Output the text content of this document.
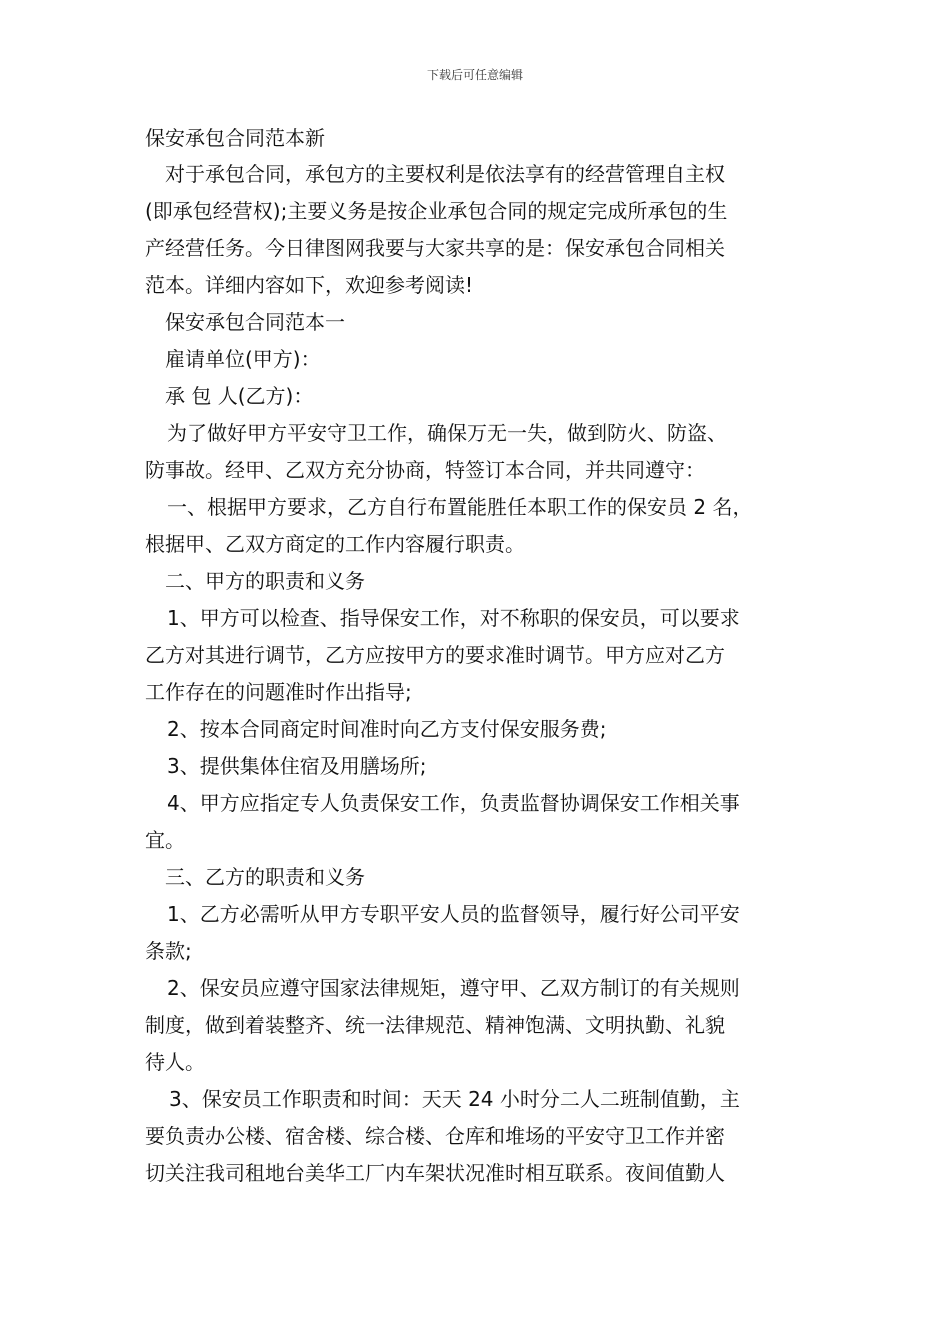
下载后可任意编辑
保安承包合同范本新
对于承包合同，承包方的主要权利是依法享有的经营管理自主权
(即承包经营权);主要义务是按企业承包合同的规定完成所承包的生
产经营任务。今日律图网我要与大家共享的是：保安承包合同相关
范本。详细内容如下，欢迎参考阅读!
保安承包合同范本一
雇请单位(甲方)：
承 包 人(乙方)：
为了做好甲方平安守卫工作，确保万无一失，做到防火、防盗、
防事故。经甲、乙双方充分协商，特签订本合同，并共同遵守：
一、根据甲方要求，乙方自行布置能胜任本职工作的保安员 2 名，
根据甲、乙双方商定的工作内容履行职责。
二、甲方的职责和义务
1、甲方可以检查、指导保安工作，对不称职的保安员，可以要求
乙方对其进行调节，乙方应按甲方的要求准时调节。甲方应对乙方
工作存在的问题准时作出指导;
2、按本合同商定时间准时向乙方支付保安服务费;
3、提供集体住宿及用膳场所;
4、甲方应指定专人负责保安工作，负责监督协调保安工作相关事
宜。
三、乙方的职责和义务
1、乙方必需听从甲方专职平安人员的监督领导，履行好公司平安
条款;
2、保安员应遵守国家法律规矩，遵守甲、乙双方制订的有关规则
制度，做到着装整齐、统一法律规范、精神饱满、文明执勤、礼貌
待人。
3、保安员工作职责和时间：天天 24 小时分二人二班制值勤，主
要负责办公楼、宿舍楼、综合楼、仓库和堆场的平安守卫工作并密
切关注我司租地台美华工厂内车架状况准时相互联系。夜间值勤人
